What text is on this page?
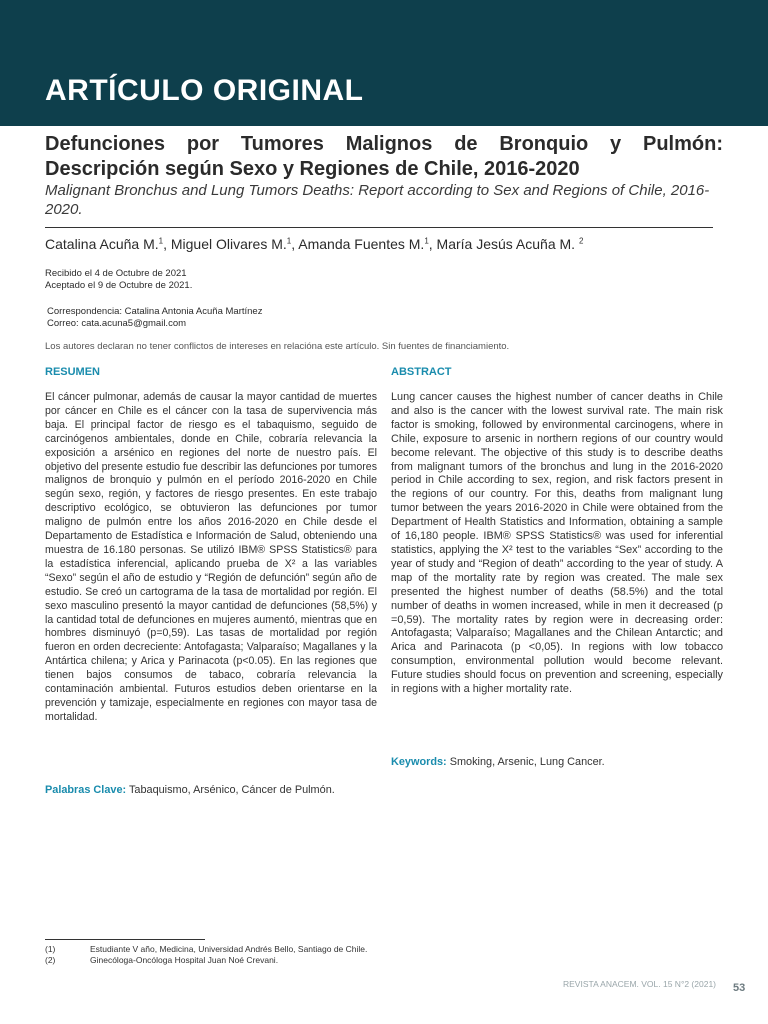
ARTÍCULO ORIGINAL
Defunciones por Tumores Malignos de Bronquio y Pulmón: Descripción según Sexo y Regiones de Chile, 2016-2020

Malignant Bronchus and Lung Tumors Deaths: Report according to Sex and Regions of Chile, 2016-2020.

Catalina Acuña M.$^1$, Miguel Olivares M.$^1$, Amanda Fuentes M.$^1$, María Jesús Acuña M. $^2$

Recibido el 4 de Octubre de 2021
Aceptado el 9 de Octubre de 2021.
Correspondencia: Catalina Antonia Acuña Martínez
Correo: cata.acuna5@gmail.com
Los autores declaran no tener conflictos de intereses en relacióna este artículo. Sin fuentes de financiamiento.
RESUMEN

El cáncer pulmonar, además de causar la mayor cantidad de muertes por cáncer en Chile es el cáncer con la tasa de supervivencia más baja. El principal factor de riesgo es el tabaquismo, seguido de carcinógenos ambientales, donde en Chile, cobraría relevancia la exposición a arsénico en regiones del norte de nuestro país. El objetivo del presente estudio fue describir las defunciones por tumores malignos de bronquio y pulmón en el período 2016-2020 en Chile según sexo, región, y factores de riesgo presentes. En este trabajo descriptivo ecológico, se obtuvieron las defunciones por tumor maligno de pulmón entre los años 2016-2020 en Chile desde el Departamento de Estadística e Información de Salud, obteniendo una muestra de 16.180 personas. Se utilizó IBM® SPSS Statistics® para la estadística inferencial, aplicando prueba de X² a las variables “Sexo” según el año de estudio y “Región de defunción” según año de estudio. Se creó un cartograma de la tasa de mortalidad por región. El sexo masculino presentó la mayor cantidad de defunciones (58,5%) y la cantidad total de defunciones en mujeres aumentó, mientras que en hombres disminuyó (p=0,59). Las tasas de mortalidad por región fueron en orden decreciente: Antofagasta; Valparaíso; Magallanes y la Antártica chilena; y Arica y Parinacota (p<0.05). En las regiones que tienen bajos consumos de tabaco, cobraría relevancia la contaminación ambiental. Futuros estudios deben orientarse en la prevención y tamizaje, especialmente en regiones con mayor tasa de mortalidad.

Palabras Clave: Tabaquismo, Arsénico, Cáncer de Pulmón.

ABSTRACT

Lung cancer causes the highest number of cancer deaths in Chile and also is the cancer with the lowest survival rate. The main risk factor is smoking, followed by environmental carcinogens, where in Chile, exposure to arsenic in northern regions of our country would become relevant. The objective of this study is to describe deaths from malignant tumors of the bronchus and lung in the 2016-2020 period in Chile according to sex, region, and risk factors present in the regions of our country. For this, deaths from malignant lung tumor between the years 2016-2020 in Chile were obtained from the Department of Health Statistics and Information, obtaining a sample of 16,180 people. IBM® SPSS Statistics® was used for inferential statistics, applying the X² test to the variables “Sex” according to the year of study and “Region of death” according to the year of study. A map of the mortality rate by region was created. The male sex presented the highest number of deaths (58.5%) and the total number of deaths in women increased, while in men it decreased (p =0,59). The mortality rates by region were in decreasing order: Antofagasta; Valparaíso; Magallanes and the Chilean Antarctic; and Arica and Parinacota (p <0,05). In regions with low tobacco consumption, environmental pollution would become relevant. Future studies should focus on prevention and screening, especially in regions with a higher mortality rate.

Keywords: Smoking, Arsenic, Lung Cancer.

(1)	Estudiante V año, Medicina, Universidad Andrés Bello, Santiago de Chile.
(2)	Ginecóloga-Oncóloga Hospital Juan Noé Crevani.
REVISTA ANACEM. VOL. 15 N°2 (2021) 53
